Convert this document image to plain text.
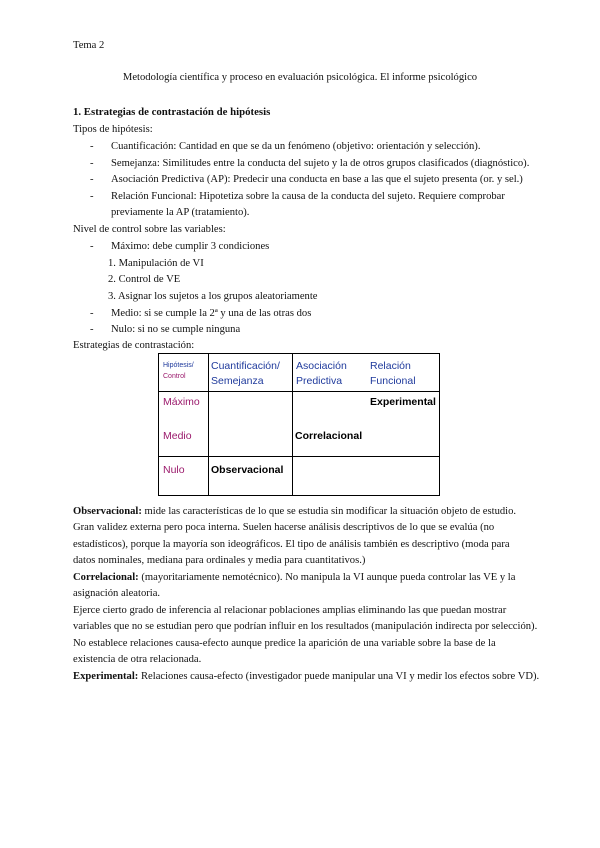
Tema 2
Metodología científica y proceso en evaluación psicológica. El informe psicológico
1. Estrategias de contrastación de hipótesis
Tipos de hipótesis:
- Cuantificación: Cantidad en que se da un fenómeno (objetivo: orientación y selección).
- Semejanza: Similitudes entre la conducta del sujeto y la de otros grupos clasificados (diagnóstico).
- Asociación Predictiva (AP): Predecir una conducta en base a las que el sujeto presenta (or. y sel.)
- Relación Funcional: Hipotetiza sobre la causa de la conducta del sujeto. Requiere comprobar
previamente la AP (tratamiento).
Nivel de control sobre las variables:
- Máximo: debe cumplir 3 condiciones
1. Manipulación de VI
2. Control de VE
3. Asignar los sujetos a los grupos aleatoriamente
- Medio: si se cumple la 2ª y una de las otras dos
- Nulo: si no se cumple ninguna
Estrategias de contrastación:
Hipótesis/
Control
Cuantificación/
Semejanza
Asociación
Predictiva
Relación
Funcional
Máximo
Medio
Nulo
Experimental
Correlacional
Observacional
Observacional: mide las características de lo que se estudia sin modificar la situación objeto de estudio.
Gran validez externa pero poca interna. Suelen hacerse análisis descriptivos de lo que se evalúa (no
estadísticos), porque la mayoría son ideográficos. El tipo de análisis también es descriptivo (moda para
datos nominales, mediana para ordinales y media para cuantitativos.)
Correlacional: (mayoritariamente nemotécnico). No manipula la VI aunque pueda controlar las VE y la
asignación aleatoria.
Ejerce cierto grado de inferencia al relacionar poblaciones amplias eliminando las que puedan mostrar
variables que no se estudian pero que podrían influir en los resultados (manipulación indirecta por selección).
No establece relaciones causa-efecto aunque predice la aparición de una variable sobre la base de la
existencia de otra relacionada.
Experimental: Relaciones causa-efecto (investigador puede manipular una VI y medir los efectos sobre VD).
